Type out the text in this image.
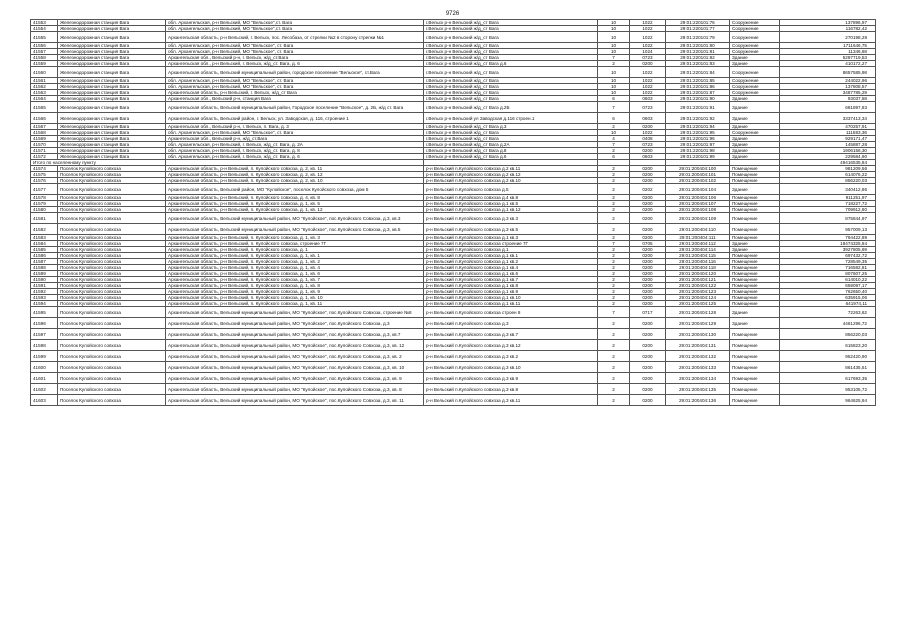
9726
41553	Железнодорожная станция Вага	обл. Архангельская, р-н Вельский, МО "Вельское",ст. Вага	г.Вельск р-н Вельский ж/д_ст Вага	10	1022	29:01:220101:76	Сооружение	137896,97
41554	Железнодорожная станция Вага	обл. Архангельская, р-н Вельский, МО "Вельское",ст. Вага	г.Вельск р-н Вельский ж/д_ст Вага	10	1022	29:01:220101:77	Сооружение	116782,42
41555	Железнодорожная станция Вага	Архангельская область, р-н Вельский, г. Вельск, пос. Лесобаза, от стрелки №2 в сторону стрелки №1	г.Вельск р-н Вельский ж/д_ст Вага	10	1022	29:01:220101:79	Сооружение	270198,28
41556	Железнодорожная станция Вага	обл. Архангельская, р-н Вельский, МО "Вельское", ст. Вага	г.Вельск р-н Вельский ж/д_ст Вага	10	1022	29:01:220101:80	Сооружение	1711646,75
41557	Железнодорожная станция Вага	обл. Архангельская, р-н Вельский, МО "Вельское", ст. Вага	г.Вельск р-н Вельский ж/д_ст Вага	10	1024	29:01:220101:81	Сооружение	11346,68
41558	Железнодорожная станция Вага	Архангельская обл., Вельский р-н, г. Вельск, ж/д_ст.Вага	г.Вельск р-н Вельский ж/д_ст Вага	7	0723	29:01:220101:82	Здание	5287719,53
41559	Железнодорожная станция Вага	Архангельская обл., р-н Вельский, г. Вельск, ж/д_ст. Вага, д. 6	г.Вельск р-н Вельский ж/д_ст Вага д.6	2	0200	29:01:220101:83	Здание	410172,27
41560	Железнодорожная станция Вага	Архангельская область, Вельский муниципальный район, городское поселение "Вельское", ст.Вага	г.Вельск р-н Вельский ж/д_ст Вага	10	1022	29:01:220101:84	Сооружение	8657585,98
41561	Железнодорожная станция Вага	обл. Архангельская, р-н Вельский, МО "Вельское", ст. Вага	г.Вельск р-н Вельский ж/д_ст Вага	10	1022	29:01:220101:85	Сооружение	244022,96
41562	Железнодорожная станция Вага	обл. Архангельская, р-н Вельский, МО "Вельское", ст. Вага	г.Вельск р-н Вельский ж/д_ст Вага	10	1022	29:01:220101:86	Сооружение	137808,57
41563	Железнодорожная станция Вага	Архангельская область, р-н Вельский, г. Вельск, ж/д_ст Вага	г.Вельск р-н Вельский ж/д_ст Вага	10	1022	29:01:220101:87	Сооружение	3487785,29
41564	Железнодорожная станция Вага	Архангельская обл., Вельский р-н, станция Вага	г.Вельск р-н Вельский ж/д_ст Вага	6	0603	29:01:220101:90	Здание	93037,58
41565	Железнодорожная станция Вага	Архангельская область, Вельский муниципальный район, Городское поселение "Вельское", д. 2Б, ж/д ст. Вага	г.Вельск р-н Вельский ж/д_ст Вага д.2Б	7	0723	29:01:220101:91	Здание	681897,83
41566	Железнодорожная станция Вага	Архангельская область, Вельский район, г. Вельск, ул. Заводская, д. 116, строение 1	г.Вельск р-н Вельский ул Заводская д.116 строен.1	6	0603	29:01:220101:92	Здание	3337413,34
41567	Железнодорожная станция Вага	Архангельская обл., Вельский р-н, г. Вельск, п. Вага, д. 3	г.Вельск р-н Вельский ж/д_ст Вага д.3	2	0200	29:01:220101:94	Здание	470257,91
41568	Железнодорожная станция Вага	обл. Архангельская, р-н Вельский, МО "Вельское", ст. Вага	г.Вельск р-н Вельский ж/д_ст Вага	10	1022	29:01:220101:95	Сооружение	111583,36
41569	Железнодорожная станция Вага	Архангельская обл., Вельский р-н, ж/д_ст.Вага	г.Вельск р-н Вельский ж/д_ст Вага	4	0408	29:01:220101:96	Здание	929171,47
41570	Железнодорожная станция Вага	обл. Архангельская, р-н Вельский, г. Вельск, ж/д_ст. Вага, д. 2А	г.Вельск р-н Вельский ж/д_ст Вага д.2А	7	0723	29:01:220101:97	Здание	145887,28
41571	Железнодорожная станция Вага	обл. Архангельская, р-н Вельский, г. Вельск, ж/д_ст. Вага, д. 8	г.Вельск р-н Вельский ж/д_ст Вага д.8	2	0200	29:01:220101:98	Здание	1906156,30
41572	Железнодорожная станция Вага	обл. Архангельская, р-н Вельский, г. Вельск, ж/д_ст. Вага, д. 6	г.Вельск р-н Вельский ж/д_ст Вага д.6	6	0603	29:01:220101:99	Здание	229584,90
Итого по населенному пункту								49416535,84
41574	Поселок Кулойского совхоза	Архангельская область, р-н Вельский, п. Кулойского совхоза, д. 2, кв. 11	р-н Вельский п.Кулойского совхоза д.2 кв.11	2	0200	29:01:200404:100	Помещение	981209,56
41575	Поселок Кулойского совхоза	Архангельская область, р-н Вельский, п. Кулойского совхоза, д. 2, кв. 12	р-н Вельский п.Кулойского совхоза д.2 кв.12	2	0200	29:01:200404:101	Помещение	614076,22
41576	Поселок Кулойского совхоза	Архангельская область, р-н Вельский, п. Кулойского совхоза, д. 2, кв. 10	р-н Вельский п.Кулойского совхоза д.2 кв.10	2	0200	29:01:200404:102	Помещение	856220,03
41577	Поселок Кулойского совхоза	Архангельская область, Вельский район, МО "Кулойское", поселок Кулойского совхоза, дом 5	р-н Вельский п.Кулойского совхоза д.5	2	0202	29:01:200404:104	Здание	340412,86
41578	Поселок Кулойского совхоза	Архангельская область, р-н Вельский, п. Кулойского совхоза, д. 4, кв. 8	р-н Вельский п.Кулойского совхоза д.4 кв.8	2	0200	29:01:200404:106	Помещение	911251,97
41579	Поселок Кулойского совхоза	Архангельская область, р-н Вельский, п. Кулойского совхоза, д. 1, кв. 5	р-н Вельский п.Кулойского совхоза д.1 кв.5	2	0200	29:01:200404:107	Помещение	718227,72
41580	Поселок Кулойского совхоза	Архангельская область, р-н Вельский, п. Кулойского совхоза, д. 1, кв. 12	р-н Вельский п.Кулойского совхоза д.1 кв.12	2	0200	29:01:200404:108	Помещение	709912,80
41581	Поселок Кулойского совхоза	Архангельская область, Вельский муниципальный район, МО "Кулойское", пос.Кулойского Совхоза, д.3, кв.3	р-н Вельский п.Кулойского совхоза д.3 кв.3	2	0200	29:01:200404:109	Помещение	875844,97
41582	Поселок Кулойского совхоза	Архангельская область, Вельский муниципальный район, МО "Кулойское", пос.Кулойского Совхоза, д.3, кв.5	р-н Вельский п.Кулойского совхоза д.3 кв.5	2	0200	29:01:200404:110	Помещение	957009,13
41583	Поселок Кулойского совхоза	Архангельская область, р-н Вельский, п. Кулойского совхоза, д. 1, кв. 3	р-н Вельский п.Кулойского совхоза д.1 кв.3	2	0200	29:01:200404:111	Помещение	794422,89
41584	Поселок Кулойского совхоза	Архангельская область, р-н Вельский, п. Кулойского совхоза, строение 7Г	р-н Вельский п.Кулойского совхоза строение 7Г	7	0705	29:01:200404:112	Здание	18474325,84
41585	Поселок Кулойского совхоза	Архангельская область, р-н Вельский, п. Кулойского совхоза, д. 1	р-н Вельский п.Кулойского совхоза д.1	2	0200	29:01:200404:114	Здание	3927805,69
41586	Поселок Кулойского совхоза	Архангельская область, р-н Вельский, п. Кулойского совхоза, д. 1, кв. 1	р-н Вельский п.Кулойского совхоза д.1 кв.1	2	0200	29:01:200404:115	Помещение	697432,72
41587	Поселок Кулойского совхоза	Архангельская область, р-н Вельский, п. Кулойского совхоза, д. 1, кв. 2	р-н Вельский п.Кулойского совхоза д.1 кв.2	2	0200	29:01:200404:116	Помещение	728549,35
41588	Поселок Кулойского совхоза	Архангельская область, р-н Вельский, п. Кулойского совхоза, д. 1, кв. 4	р-н Вельский п.Кулойского совхоза д.1 кв.4	2	0200	29:01:200404:118	Помещение	716582,81
41589	Поселок Кулойского совхоза	Архангельская область, р-н Вельский, п. Кулойского совхоза, д. 1, кв. 6	р-н Вельский п.Кулойского совхоза д.1 кв.6	2	0200	29:01:200404:120	Помещение	807607,25
41590	Поселок Кулойского совхоза	Архангельская область, р-н Вельский, п. Кулойского совхоза, д. 1, кв. 7	р-н Вельский п.Кулойского совхоза д.1 кв.7	2	0200	29:01:200404:121	Помещение	614010,22
41591	Поселок Кулойского совхоза	Архангельская область, р-н Вельский, п. Кулойского совхоза, д. 1, кв. 8	р-н Вельский п.Кулойского совхоза д.1 кв.8	2	0200	29:01:200404:122	Помещение	659097,17
41592	Поселок Кулойского совхоза	Архангельская область, р-н Вельский, п. Кулойского совхоза, д. 1, кв. 9	р-н Вельский п.Кулойского совхоза д.1 кв.9	2	0200	29:01:200404:123	Помещение	762650,40
41593	Поселок Кулойского совхоза	Архангельская область, р-н Вельский, п. Кулойского совхоза, д. 1, кв. 10	р-н Вельский п.Кулойского совхоза д.1 кв.10	2	0200	29:01:200404:124	Помещение	635915,06
41594	Поселок Кулойского совхоза	Архангельская область, р-н Вельский, п. Кулойского совхоза, д. 1, кв. 11	р-н Вельский п.Кулойского совхоза д.1 кв.11	2	0200	29:01:200404:125	Помещение	641974,11
41595	Поселок Кулойского совхоза	Архангельская область, Вельский муниципальный район, МО "Кулойское", пос.Кулойского Совхоза, строение №8	р-н Вельский п.Кулойского совхоза строен 8	7	0717	29:01:200404:128	Здание	72263,62
41596	Поселок Кулойского совхоза	Архангельская область, Вельский муниципальный район, МО "Кулойское", пос.Кулойского Совхоза, д.3	р-н Вельский п.Кулойского совхоза д.3	2	0200	29:01:200404:129	Здание	4461296,72
41597	Поселок Кулойского совхоза	Архангельская область, Вельский муниципальный район, МО "Кулойское", пос.Кулойского Совхоза, д.3, кв.7	р-н Вельский п.Кулойского совхоза д.3 кв.7	2	0200	29:01:200404:130	Помещение	856220,03
41598	Поселок Кулойского совхоза	Архангельская область, Вельский муниципальный район, МО "Кулойское", пос.Кулойского Совхоза, д.3, кв. 12	р-н Вельский п.Кулойского совхоза д.3 кв.12	2	0200	29:01:200404:131	Помещение	615823,20
41599	Поселок Кулойского совхоза	Архангельская область, Вельский муниципальный район, МО "Кулойское", пос.Кулойского Совхоза, д.3, кв. 2	р-н Вельский п.Кулойского совхоза д.3 кв.2	2	0200	29:01:200404:132	Помещение	952420,90
41600	Поселок Кулойского совхоза	Архангельская область, Вельский муниципальный район, МО "Кулойское", пос.Кулойского Совхоза, д.3, кв. 10	р-н Вельский п.Кулойского совхоза д.3 кв.10	2	0200	29:01:200404:133	Помещение	861435,51
41601	Поселок Кулойского совхоза	Архангельская область, Вельский муниципальный район, МО "Кулойское", пос.Кулойского Совхоза, д.3, кв. 9	р-н Вельский п.Кулойского совхоза д.3 кв.9	2	0200	29:01:200404:134	Помещение	617693,35
41602	Поселок Кулойского совхоза	Архангельская область, Вельский муниципальный район, МО "Кулойское", пос.Кулойского Совхоза, д.3, кв. 8	р-н Вельский п.Кулойского совхоза д.3 кв.8	2	0200	29:01:200404:135	Помещение	953105,72
41603	Поселок Кулойского совхоза	Архангельская область, Вельский муниципальный район, МО "Кулойское", пос.Кулойского Совхоза, д.3, кв. 11	р-н Вельский п.Кулойского совхоза д.3 кв.11	2	0200	29:01:200404:136	Помещение	964625,94
